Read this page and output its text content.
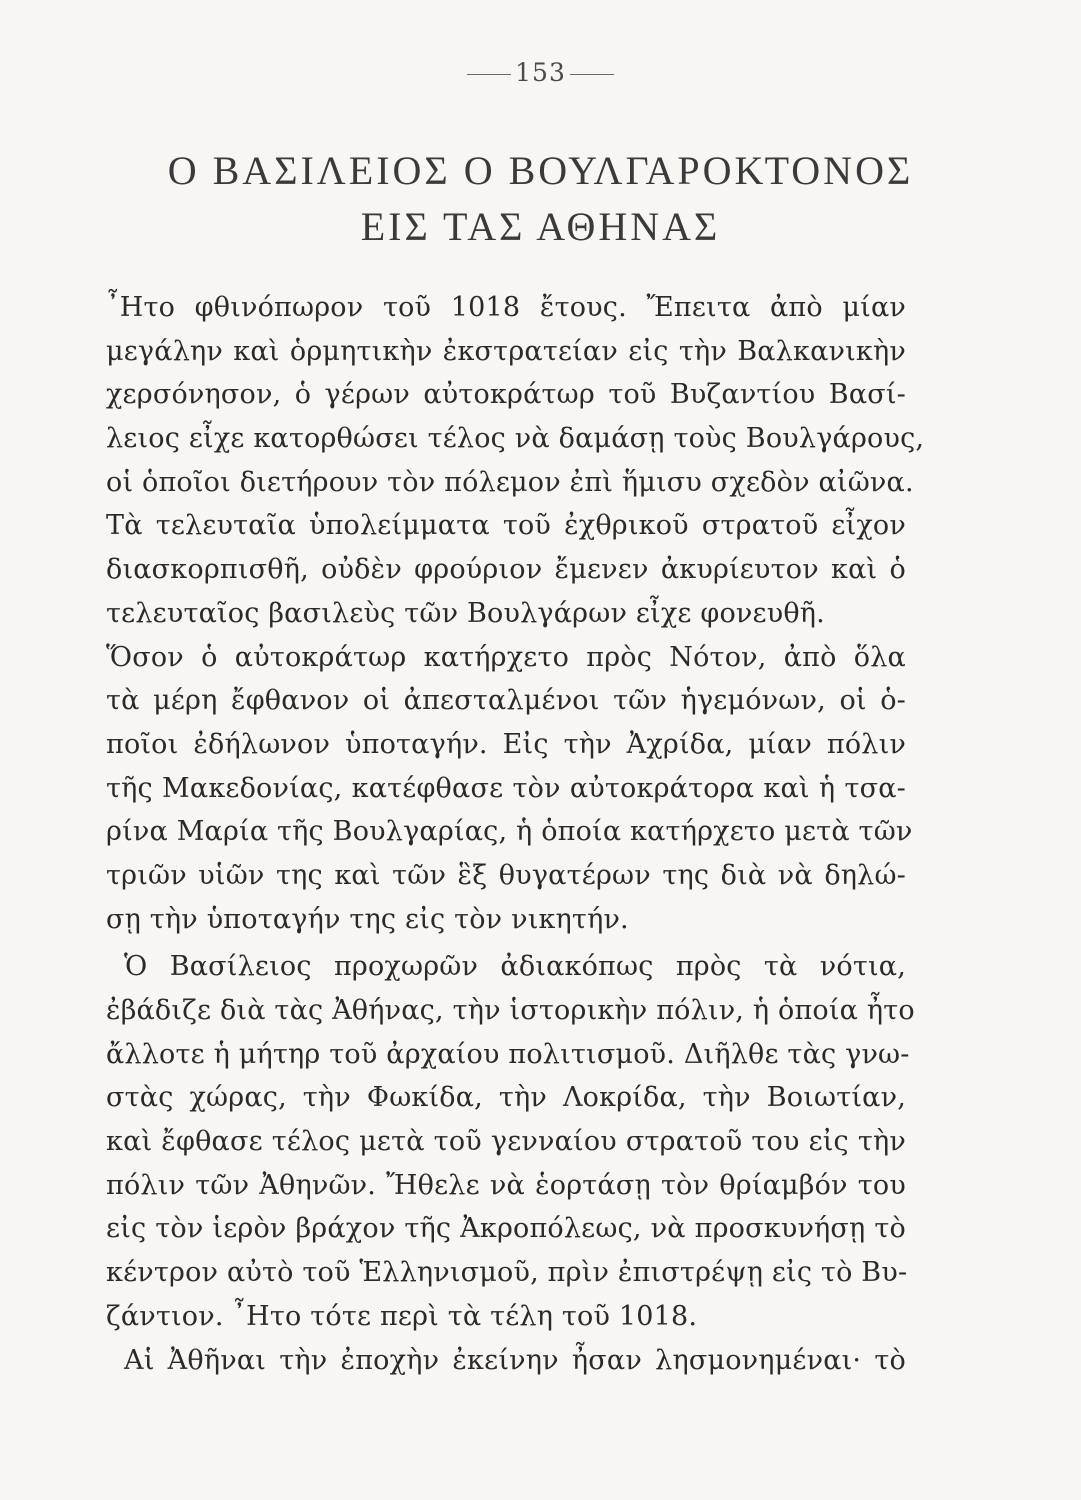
153
Ο ΒΑΣΙΛΕΙΟΣ Ο ΒΟΥΛΓΑΡΟΚΤΟΝΟΣ
ΕΙΣ ΤΑΣ ΑΘΗΝΑΣ
῏Ητο φθινόπωρον τοῦ 1018 ἔτους. Ἔπειτα ἀπὸ μίαν
μεγάλην καὶ ὁρμητικὴν ἐκστρατείαν εἰς τὴν Βαλκανικὴν
χερσόνησον, ὁ γέρων αὐτοκράτωρ τοῦ Βυζαντίου Βασί-
λειος εἶχε κατορθώσει τέλος νὰ δαμάσῃ τοὺς Βουλγάρους,
οἱ ὁποῖοι διετήρουν τὸν πόλεμον ἐπὶ ἥμισυ σχεδὸν αἰῶνα.
Τὰ τελευταῖα ὑπολείμματα τοῦ ἐχθρικοῦ στρατοῦ εἶχον
διασκορπισθῆ, οὐδὲν φρούριον ἔμενεν ἀκυρίευτον καὶ ὁ
τελευταῖος βασιλεὺς τῶν Βουλγάρων εἶχε φονευθῆ.
Ὅσον ὁ αὐτοκράτωρ κατήρχετο πρὸς Νότον, ἀπὸ ὅλα
τὰ μέρη ἔφθανον οἱ ἀπεσταλμένοι τῶν ἡγεμόνων, οἱ ὁ-
ποῖοι ἐδήλωνον ὑποταγήν. Εἰς τὴν Ἀχρίδα, μίαν πόλιν
τῆς Μακεδονίας, κατέφθασε τὸν αὐτοκράτορα καὶ ἡ τσα-
ρίνα Μαρία τῆς Βουλγαρίας, ἡ ὁποία κατήρχετο μετὰ τῶν
τριῶν υἱῶν της καὶ τῶν ἓξ θυγατέρων της διὰ νὰ δηλώ-
σῃ τὴν ὑποταγήν της εἰς τὸν νικητήν.
Ὁ Βασίλειος προχωρῶν ἀδιακόπως πρὸς τὰ νότια,
ἐβάδιζε διὰ τὰς Ἀθήνας, τὴν ἱστορικὴν πόλιν, ἡ ὁποία ἦτο
ἄλλοτε ἡ μήτηρ τοῦ ἀρχαίου πολιτισμοῦ. Διῆλθε τὰς γνω-
στὰς χώρας, τὴν Φωκίδα, τὴν Λοκρίδα, τὴν Βοιωτίαν,
καὶ ἔφθασε τέλος μετὰ τοῦ γενναίου στρατοῦ του εἰς τὴν
πόλιν τῶν Ἀθηνῶν. Ἤθελε νὰ ἑορτάσῃ τὸν θρίαμβόν του
εἰς τὸν ἱερὸν βράχον τῆς Ἀκροπόλεως, νὰ προσκυνήσῃ τὸ
κέντρον αὐτὸ τοῦ Ἑλληνισμοῦ, πρὶν ἐπιστρέψῃ εἰς τὸ Βυ-
ζάντιον. ῏Ητο τότε περὶ τὰ τέλη τοῦ 1018.
Αἱ Ἀθῆναι τὴν ἐποχὴν ἐκείνην ἦσαν λησμονημέναι· τὸ
